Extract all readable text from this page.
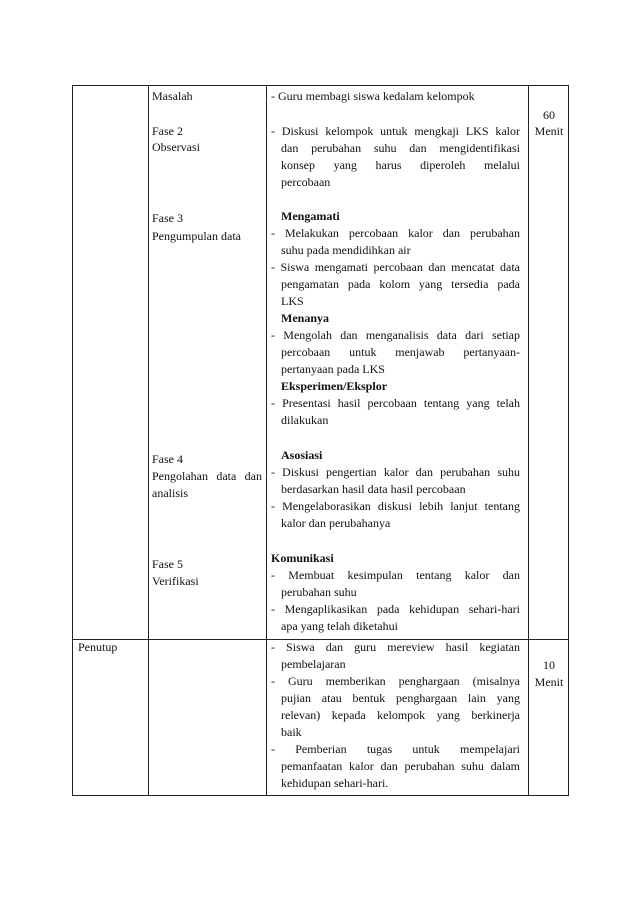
Masalah
Fase 2
Observasi
Fase 3
Pengumpulan data
Fase 4
Pengolahan data dan
analisis
Fase 5
Verifikasi
- Guru membagi siswa kedalam kelompok
- Diskusi kelompok untuk mengkaji LKS kalor
dan perubahan suhu dan mengidentifikasi
konsep yang harus diperoleh melalui
percobaan
Mengamati
- Melakukan percobaan kalor dan perubahan
suhu pada mendidihkan air
- Siswa mengamati percobaan dan mencatat data
pengamatan pada kolom yang tersedia pada
LKS
Menanya
- Mengolah dan menganalisis data dari setiap
percobaan untuk menjawab pertanyaan-
pertanyaan pada LKS
Eksperimen/Eksplor
- Presentasi hasil percobaan tentang yang telah
dilakukan
Asosiasi
- Diskusi pengertian kalor dan perubahan suhu
berdasarkan hasil data hasil percobaan
- Mengelaborasikan diskusi lebih lanjut tentang
kalor dan perubahanya
Komunikasi
- Membuat kesimpulan tentang kalor dan
perubahan suhu
- Mengaplikasikan pada kehidupan sehari-hari
apa yang telah diketahui
60
Menit
Penutup	- Siswa dan guru mereview hasil kegiatan
pembelajaran
- Guru memberikan penghargaan (misalnya
pujian atau bentuk penghargaan lain yang
relevan) kepada kelompok yang berkinerja
baik
- Pemberian tugas untuk mempelajari
pemanfaatan kalor dan perubahan suhu dalam
kehidupan sehari-hari.
10
Menit
